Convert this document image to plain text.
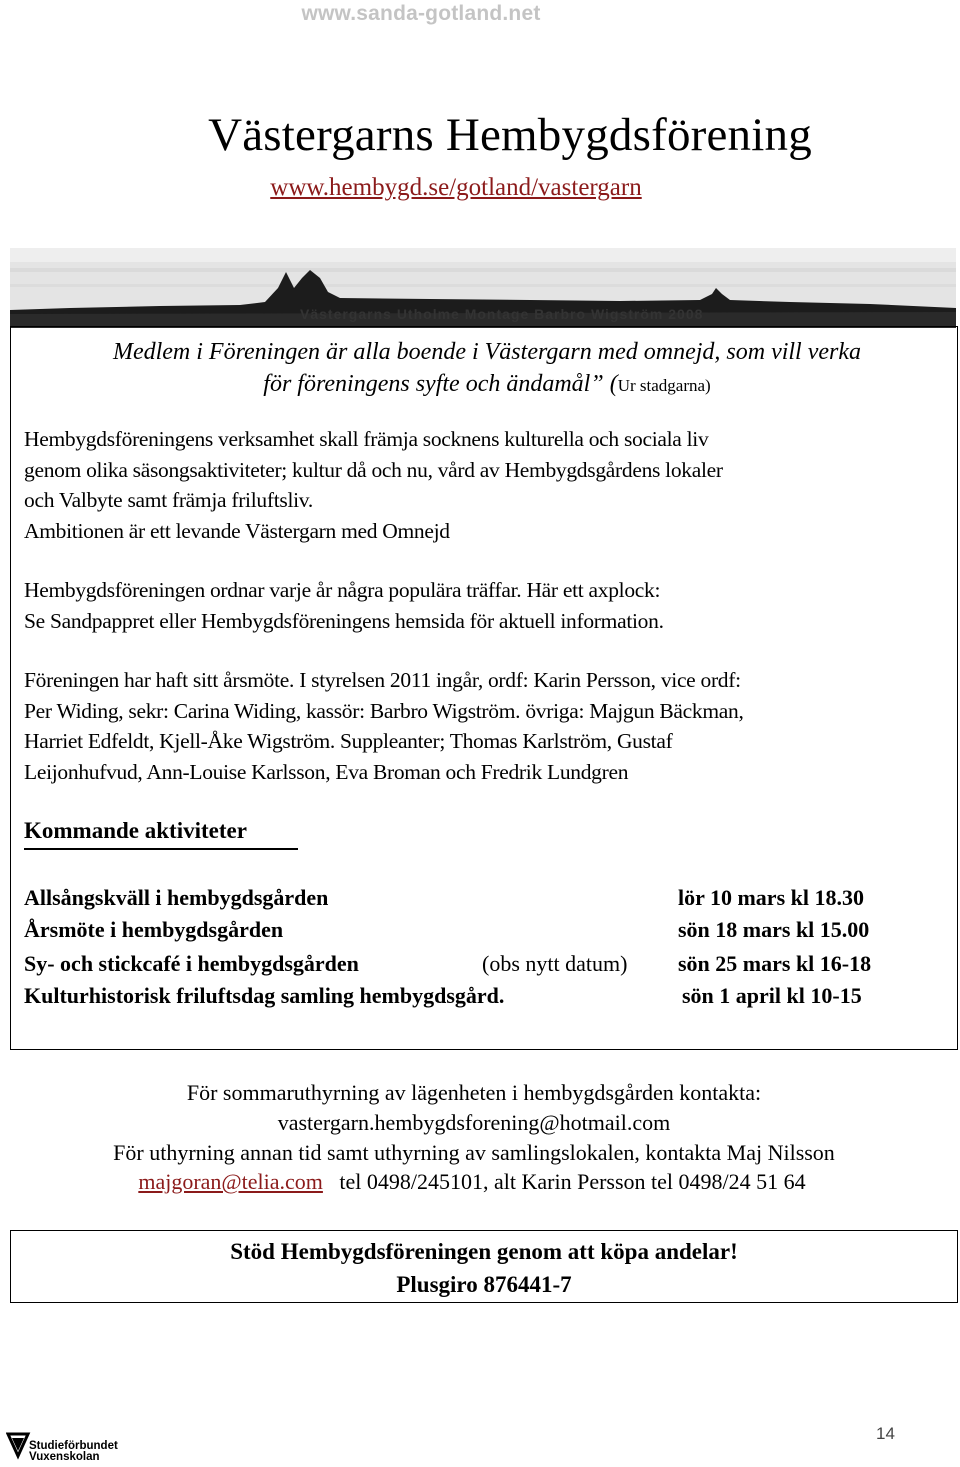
www.sanda-gotland.net
Västergarns Hembygdsförening
www.hembygd.se/gotland/vastergarn
Västergarns Utholme Montage Barbro Wigström 2008
Medlem i Föreningen är alla boende i Västergarn med omnejd, som vill verka
för föreningens syfte och ändamål” (Ur stadgarna)
Hembygdsföreningens verksamhet skall främja socknens kulturella och sociala liv
genom olika säsongsaktiviteter; kultur då och nu, vård av Hembygdsgårdens lokaler
och Valbyte samt främja friluftsliv.
Ambitionen är ett levande Västergarn med Omnejd
Hembygdsföreningen ordnar varje år några populära träffar. Här ett axplock:
Se Sandpappret eller Hembygdsföreningens hemsida för aktuell information.
Föreningen har haft sitt årsmöte. I styrelsen 2011 ingår, ordf: Karin Persson, vice ordf:
Per Widing, sekr: Carina Widing, kassör: Barbro Wigström. övriga: Majgun Bäckman,
Harriet Edfeldt, Kjell-Åke Wigström. Suppleanter; Thomas Karlström, Gustaf
Leijonhufvud, Ann-Louise Karlsson, Eva Broman och Fredrik Lundgren
Kommande aktiviteter
Allsångskväll i hembygdsgården	lör 10 mars kl 18.30
Årsmöte i hembygdsgården	sön 18 mars kl 15.00
Sy- och stickcafé i hembygdsgården	(obs nytt datum) sön 25 mars kl 16-18
Kulturhistorisk friluftsdag samling hembygdsgård.	sön 1 april kl 10-15
För sommaruthyrning av lägenheten i hembygdsgården kontakta:
vastergarn.hembygdsforening@hotmail.com
För uthyrning annan tid samt uthyrning av samlingslokalen, kontakta Maj Nilsson
majgoran@telia.com tel 0498/245101, alt Karin Persson tel 0498/24 51 64
Stöd Hembygdsföreningen genom att köpa andelar!
Plusgiro 876441-7
Studieförbundet
Vuxenskolan
14
